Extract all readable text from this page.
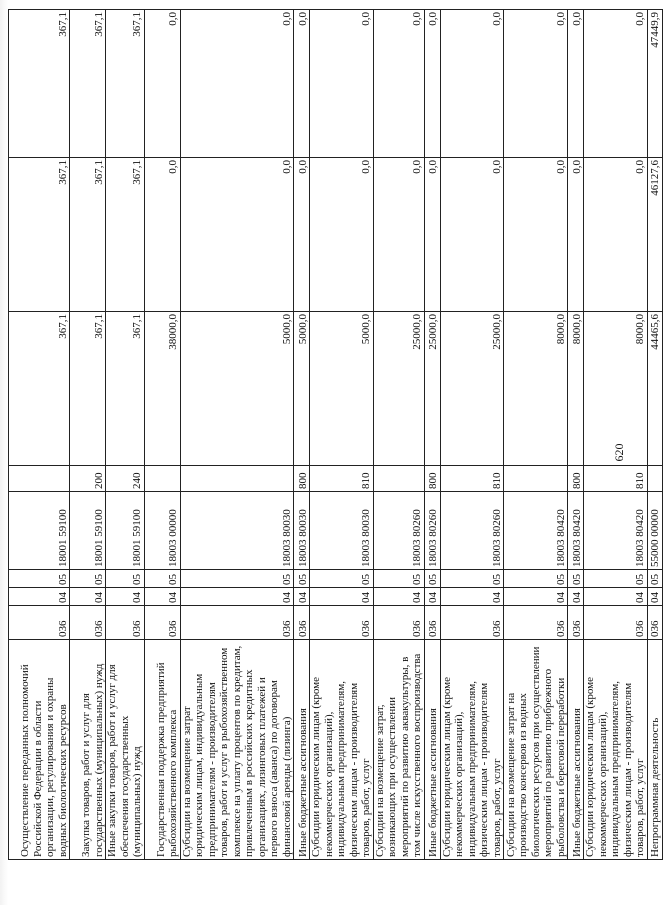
620
Осуществление переданных полномочий Российской Федерации в области организации, регулирования и охраны водных биологических ресурсов	036	04	05	18001 59100		367,1	367,1	367,1
Закупка товаров, работ и услуг для государственных (муниципальных) нужд	036	04	05	18001 59100	200	367,1	367,1	367,1
Иные закупки товаров, работ и услуг для обеспечения государственных (муниципальных) нужд	036	04	05	18001 59100	240	367,1	367,1	367,1
Государственная поддержка предприятий рыбохозяйственного комплекса	036	04	05	18003 00000		38000,0	0,0	0,0
Субсидии на возмещение затрат юридическим лицам, индивидуальным предпринимателям - производителям товаров, работ и услуг в рыбохозяйственном комплексе на уплату процентов по кредитам, привлеченным в российских кредитных организациях, лизинговых платежей и первого взноса (аванса) по договорам финансовой аренды (лизинга)	036	04	05	18003 80030		5000,0	0,0	0,0
Иные бюджетные ассигнования	036	04	05	18003 80030	800	5000,0	0,0	0,0
Субсидии юридическим лицам (кроме некоммерческих организаций), индивидуальным предпринимателям, физическим лицам - производителям товаров, работ, услуг	036	04	05	18003 80030	810	5000,0	0,0	0,0
Субсидии на возмещение затрат, возникающих при осуществлении мероприятий по развитию аквакультуры, в том числе искусственного воспроизводства	036	04	05	18003 80260		25000,0	0,0	0,0
Иные бюджетные ассигнования	036	04	05	18003 80260	800	25000,0	0,0	0,0
Субсидии юридическим лицам (кроме некоммерческих организаций), индивидуальным предпринимателям, физическим лицам - производителям товаров, работ, услуг	036	04	05	18003 80260	810	25000,0	0,0	0,0
Субсидии на возмещение затрат на производство консервов из водных биологических ресурсов при осуществлении мероприятий по развитию прибрежного рыболовства и береговой переработки	036	04	05	18003 80420		8000,0	0,0	0,0
Иные бюджетные ассигнования	036	04	05	18003 80420	800	8000,0	0,0	0,0
Субсидии юридическим лицам (кроме некоммерческих организаций), индивидуальным предпринимателям, физическим лицам - производителям товаров, работ, услуг	036	04	05	18003 80420	810	8000,0	0,0	0,0
Непрограммная деятельность	036	04	05	55000 00000		44465,6	46127,6	47449,9
